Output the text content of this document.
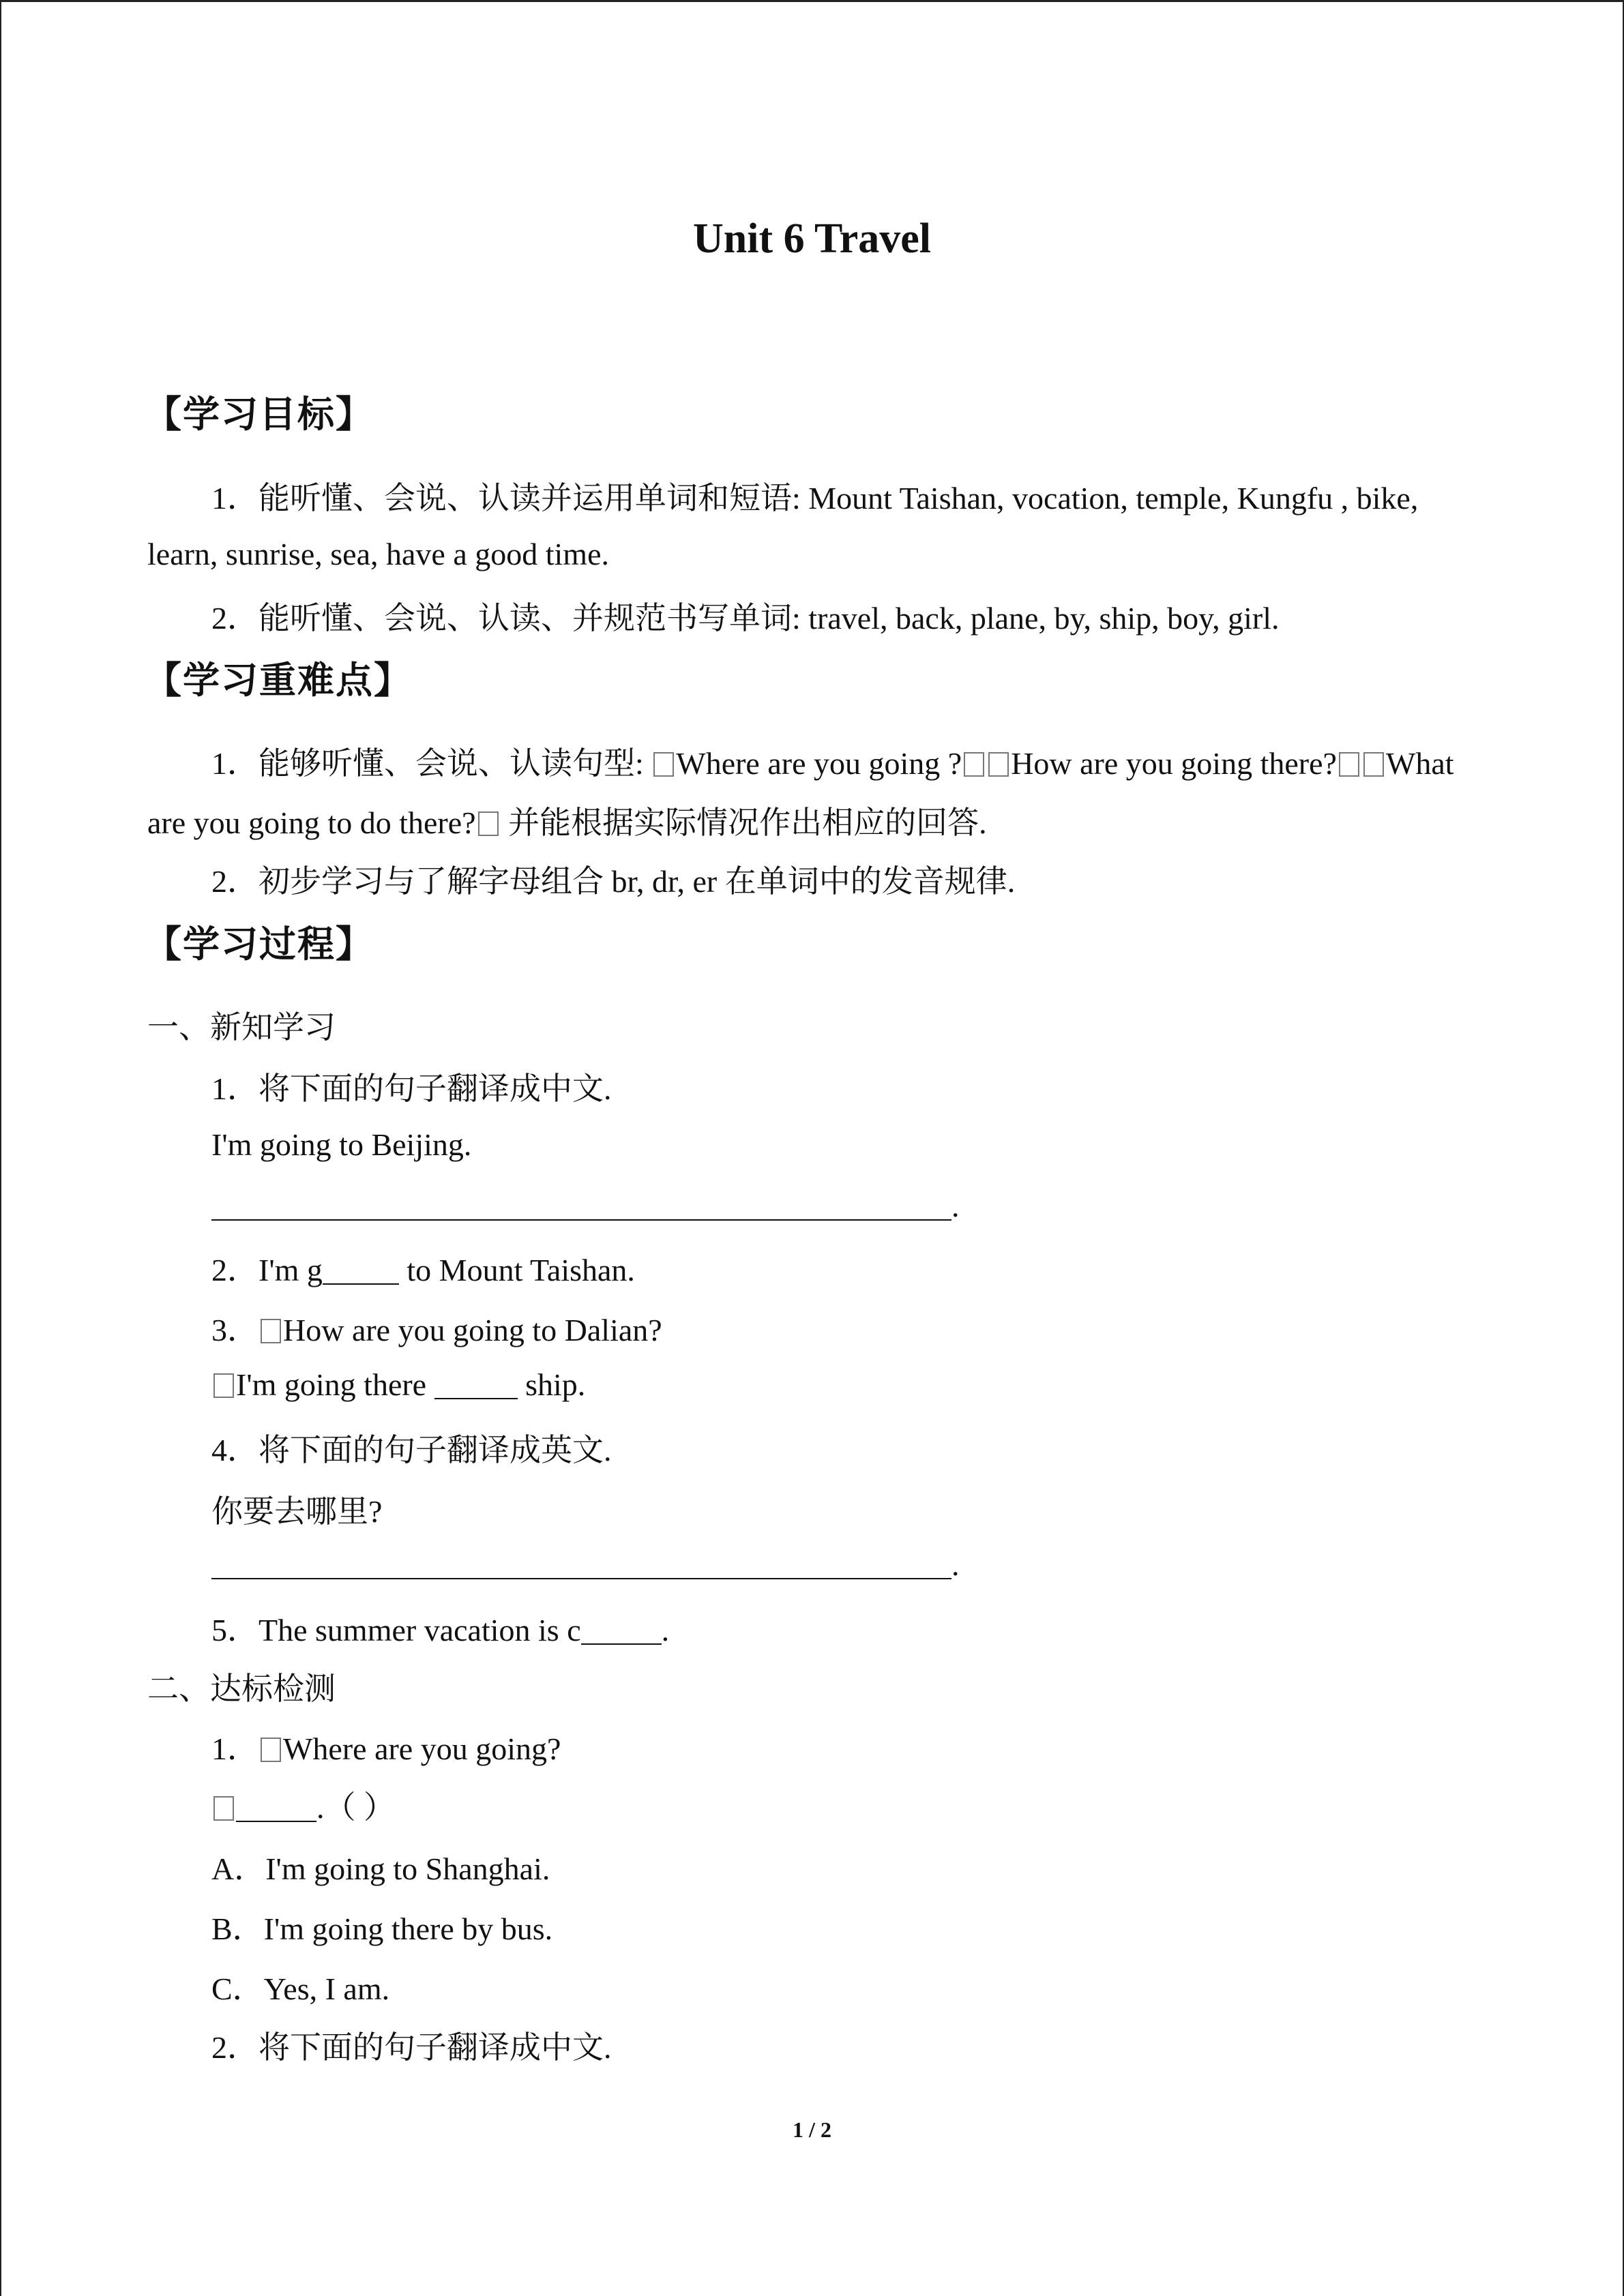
Unit 6 Travel
【学习目标】
1．能听懂、会说、认读并运用单词和短语: Mount Taishan, vocation, temple, Kungfu , bike,
learn, sunrise, sea, have a good time.
2．能听懂、会说、认读、并规范书写单词: travel, back, plane, by, ship, boy, girl.
【学习重难点】
1．能够听懂、会说、认读句型: Where are you going ? How are you going there? What
are you going to do there? 并能根据实际情况作出相应的回答.
2．初步学习与了解字母组合 br, dr, er 在单词中的发音规律.
【学习过程】
一、新知学习
1．将下面的句子翻译成中文.
I'm going to Beijing.
.
2．I'm g to Mount Taishan.
3． How are you going to Dalian?
I'm going there	ship.
4．将下面的句子翻译成英文.
你要去哪里?
.
5．The summer vacation is c	.
二、达标检测
1． Where are you going?
.（ ）
A．I'm going to Shanghai.
B．I'm going there by bus.
C．Yes, I am.
2．将下面的句子翻译成中文.
1 / 2
